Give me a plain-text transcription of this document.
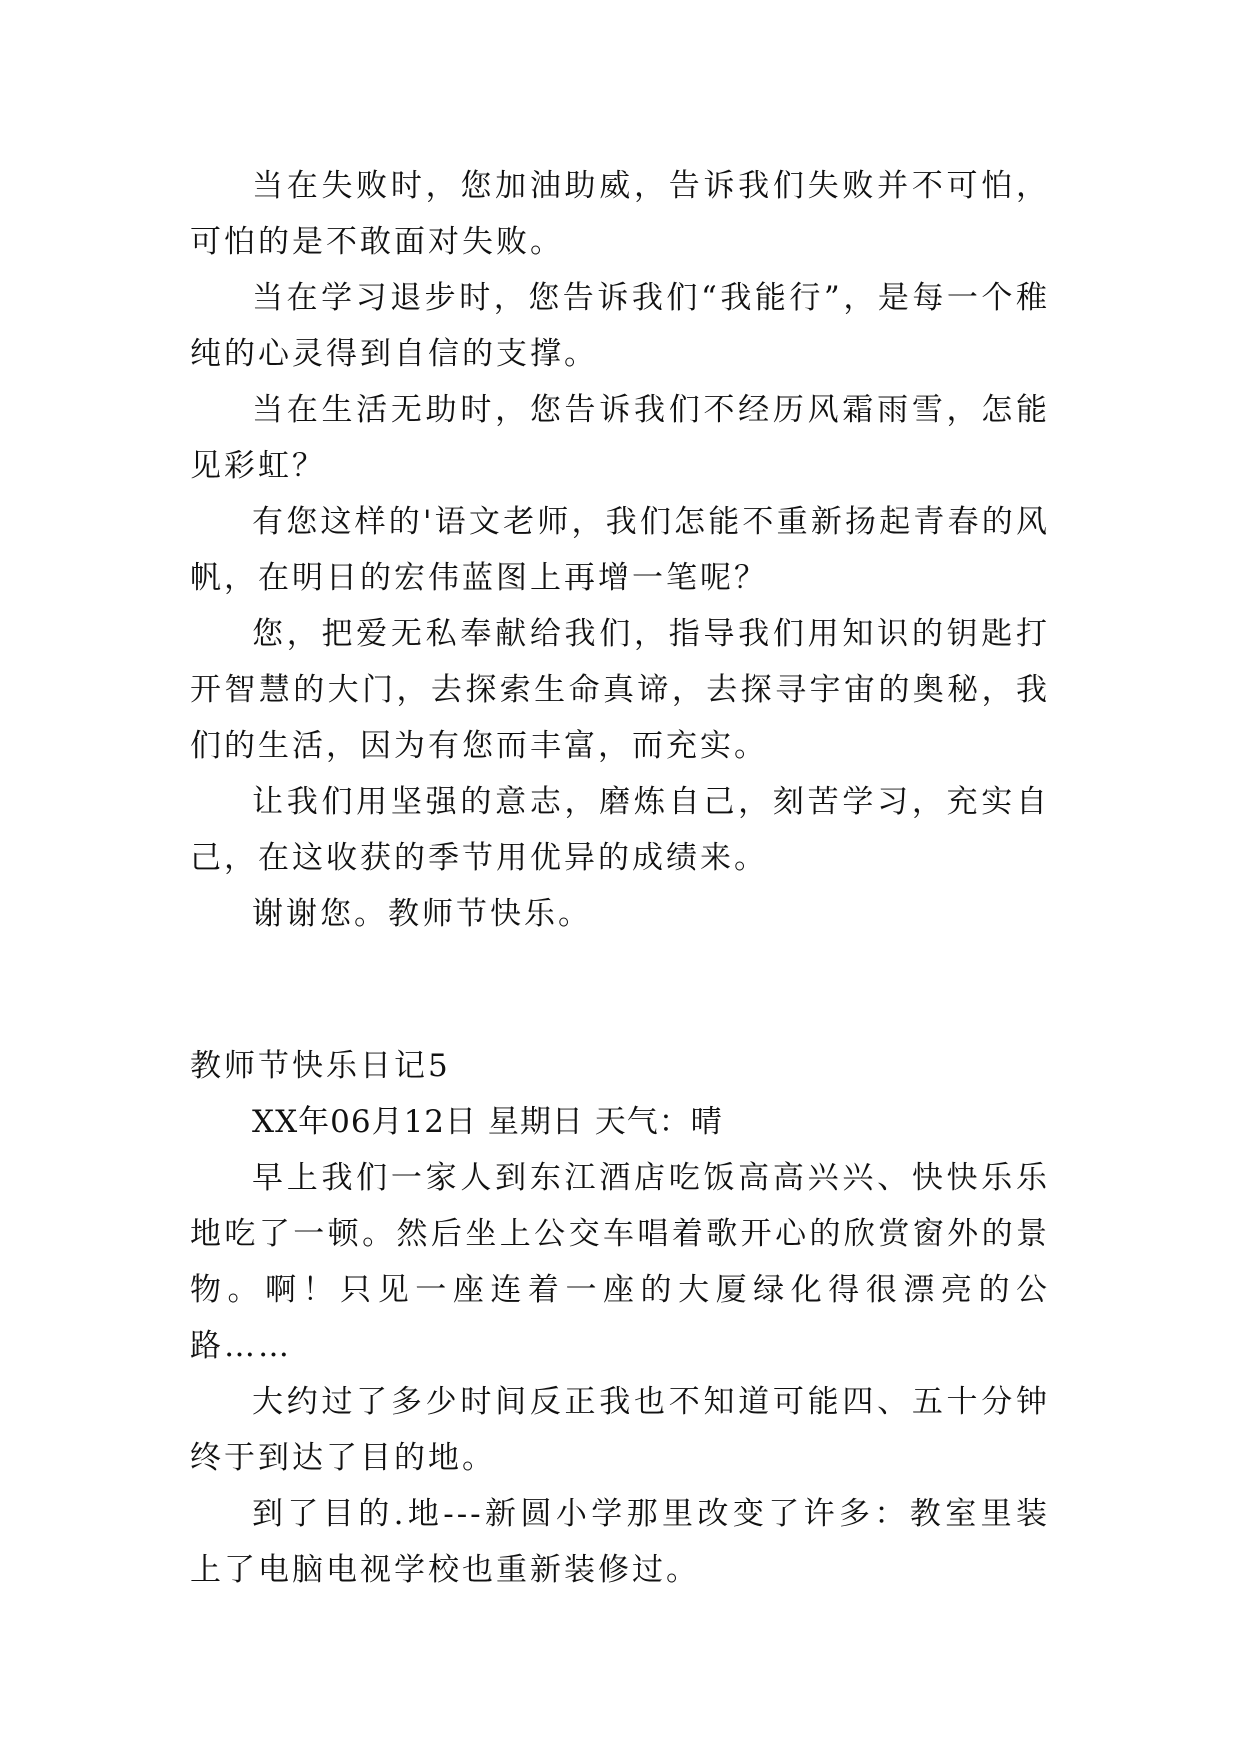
当在失败时，您加油助威，告诉我们失败并不可怕，可怕的是不敢面对失败。

当在学习退步时，您告诉我们“我能行”，是每一个稚纯的心灵得到自信的支撑。

当在生活无助时，您告诉我们不经历风霜雨雪，怎能见彩虹？

有您这样的'语文老师，我们怎能不重新扬起青春的风帆，在明日的宏伟蓝图上再增一笔呢？

您，把爱无私奉献给我们，指导我们用知识的钥匙打开智慧的大门，去探索生命真谛，去探寻宇宙的奥秘，我们的生活，因为有您而丰富，而充实。

让我们用坚强的意志，磨炼自己，刻苦学习，充实自己，在这收获的季节用优异的成绩来。

谢谢您。教师节快乐。

教师节快乐日记5

XX年06月12日 星期日 天气：晴

早上我们一家人到东江酒店吃饭高高兴兴、快快乐乐地吃了一顿。然后坐上公交车唱着歌开心的欣赏窗外的景物。啊！只见一座连着一座的大厦绿化得很漂亮的公路……

大约过了多少时间反正我也不知道可能四、五十分钟终于到达了目的地。

到了目的.地---新圆小学那里改变了许多：教室里装上了电脑电视学校也重新装修过。
